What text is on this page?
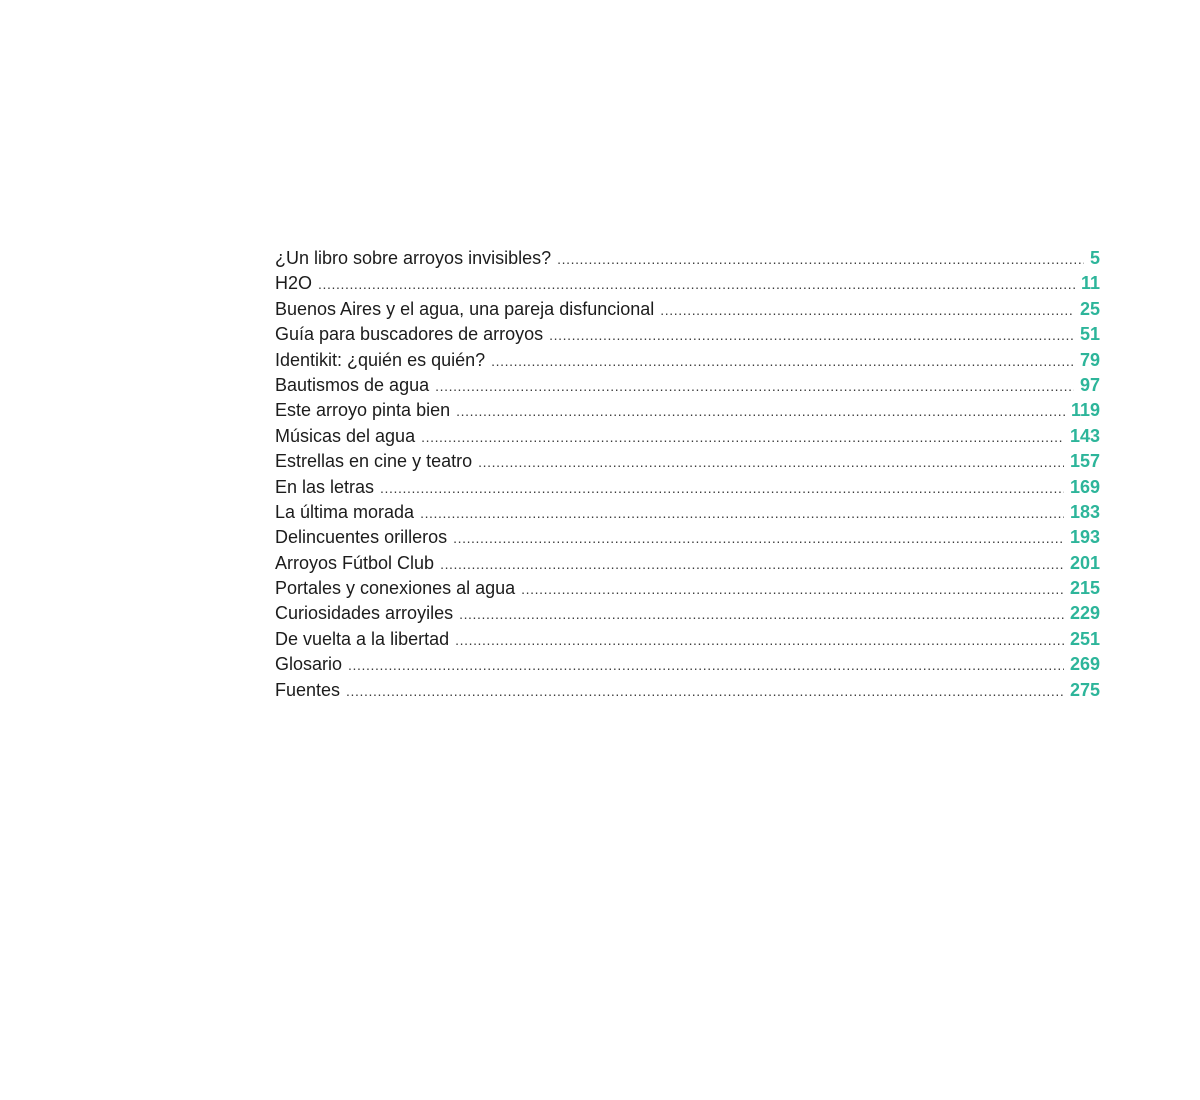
¿Un libro sobre arroyos invisibles? .....	5
H2O .....	11
Buenos Aires y el agua, una pareja disfuncional .....	25
Guía para buscadores de arroyos .....	51
Identikit: ¿quién es quién? .....	79
Bautismos de agua .....	97
Este arroyo pinta bien .....	119
Músicas del agua .....	143
Estrellas en cine y teatro .....	157
En las letras .....	169
La última morada .....	183
Delincuentes orilleros .....	193
Arroyos Fútbol Club .....	201
Portales y conexiones al agua .....	215
Curiosidades arroyiles .....	229
De vuelta a la libertad .....	251
Glosario .....	269
Fuentes .....	275
